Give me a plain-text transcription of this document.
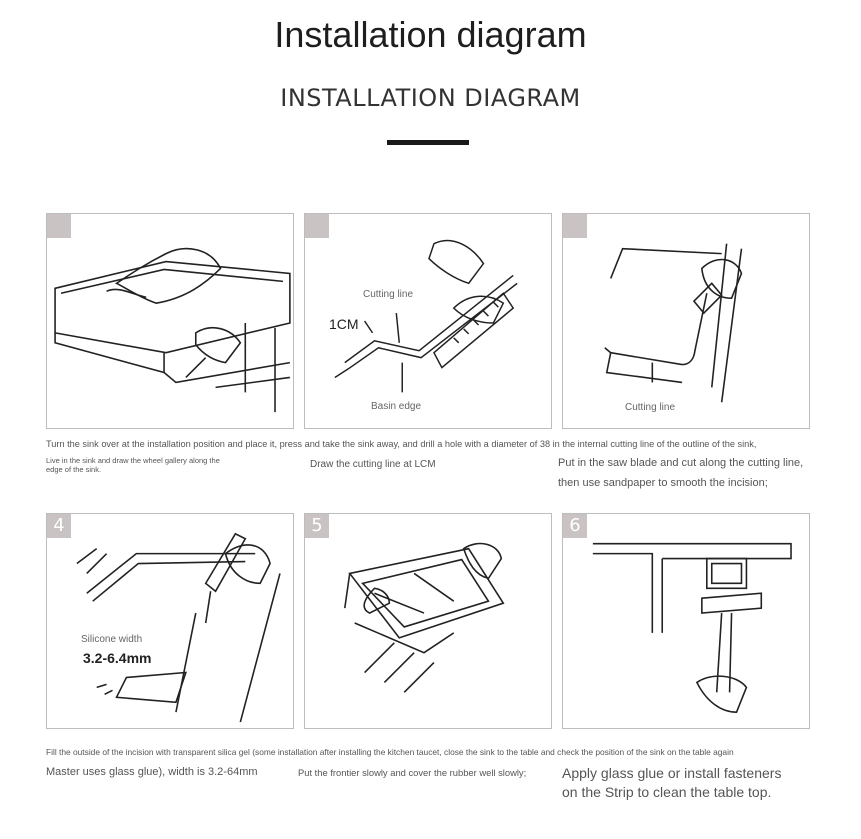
Installation diagram
INSTALLATION DIAGRAM
Cutting line
1CM
Basin edge	Cutting line
Turn the sink over at the installation position and place it, press and take the sink away, and drill a hole with a diameter of 38 in the internal cutting line of the outline of the sink,
Live in the sink and draw the wheel gallery along the
edge of the sink.	Draw the cutting line at LCM	Put in the saw blade and cut along the cutting line,
then use sandpaper to smooth the incision;
4
Silicone width
3.2-6.4mm
5	6
Fill the outside of the incision with transparent silica gel (some installation after installing the kitchen taucet, close the sink to the table and check the position of the sink on the table again
Master uses glass glue), width is 3.2-64mm	Put the frontier slowly and cover the rubber well slowly;	Apply glass glue or install fasteners
on the Strip to clean the table top.
